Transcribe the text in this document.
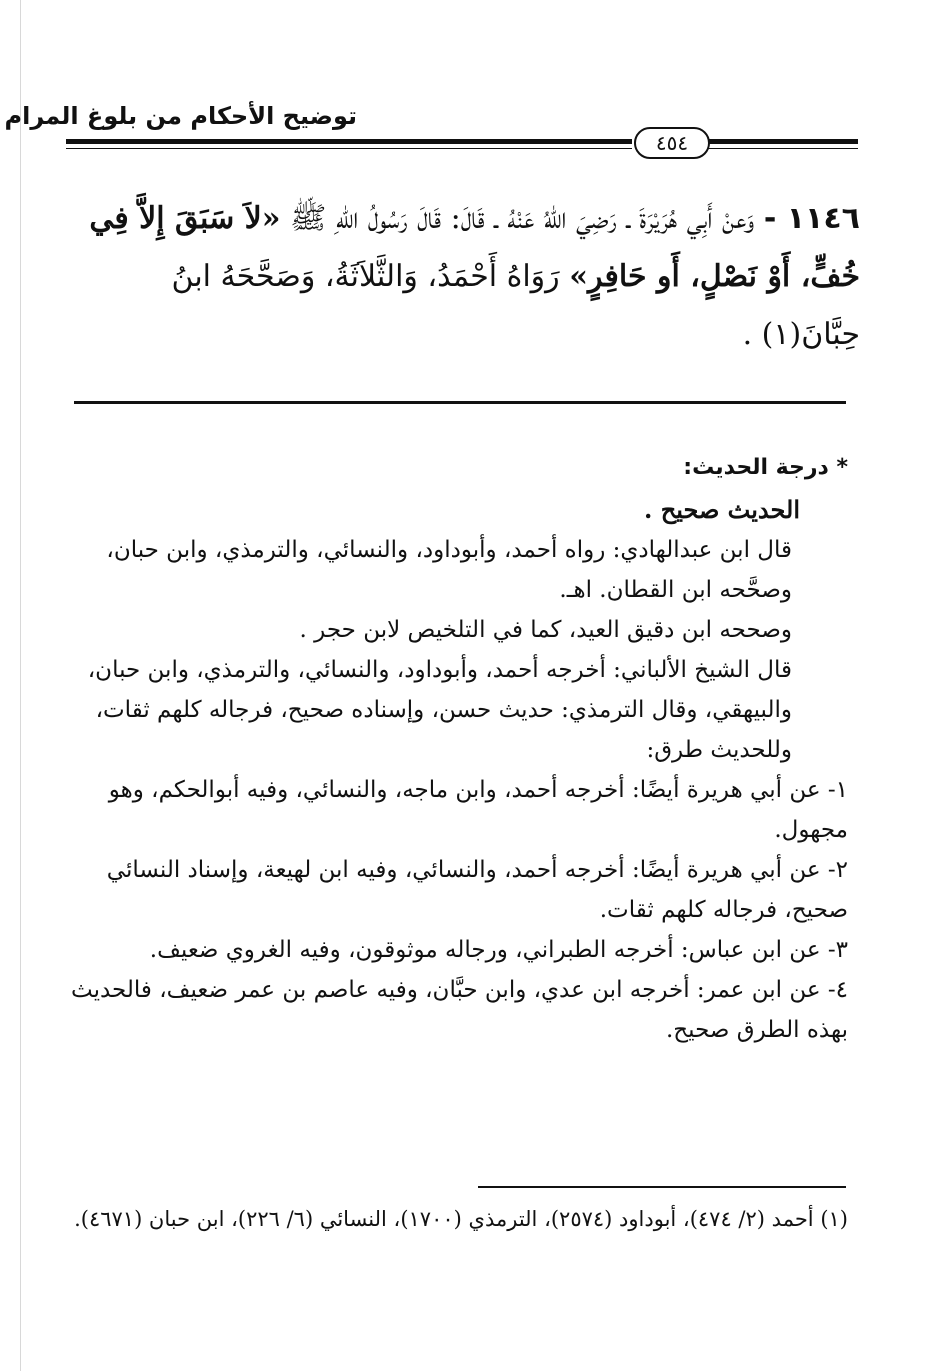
توضيح الأحكام من بلوغ المرام
٤٥٤
١١٤٦ - وَعنْ أَبِي هُرَيْرَةَ ـ رَضِيَ اللهُ عَنْهُ ـ قَالَ: قَالَ رَسُولُ اللهِ ﷺ «لاَ سَبَقَ إِلاَّ فِي خُفٍّ، أَوْ نَصْلٍ، أَو حَافِرٍ» رَوَاهُ أَحْمَدُ، وَالثَّلاَثَةُ، وَصَحَّحَهُ ابنُ حِبَّانَ(١) .

* درجة الحديث:

الحديث صحيح .

قال ابن عبدالهادي: رواه أحمد، وأبوداود، والنسائي، والترمذي، وابن حبان، وصحَّحه ابن القطان. اهـ.

وصححه ابن دقيق العيد، كما في التلخيص لابن حجر .

قال الشيخ الألباني: أخرجه أحمد، وأبوداود، والنسائي، والترمذي، وابن حبان، والبيهقي، وقال الترمذي: حديث حسن، وإسناده صحيح، فرجاله كلهم ثقات، وللحديث طرق:

١- عن أبي هريرة أيضًا: أخرجه أحمد، وابن ماجه، والنسائي، وفيه أبوالحكم، وهو مجهول.

٢- عن أبي هريرة أيضًا: أخرجه أحمد، والنسائي، وفيه ابن لهيعة، وإسناد النسائي صحيح، فرجاله كلهم ثقات.

٣- عن ابن عباس: أخرجه الطبراني، ورجاله موثوقون، وفيه الغروي ضعيف.

٤- عن ابن عمر: أخرجه ابن عدي، وابن حبَّان، وفيه عاصم بن عمر ضعيف، فالحديث بهذه الطرق صحيح.

(١) أحمد (٢/ ٤٧٤)، أبوداود (٢٥٧٤)، الترمذي (١٧٠٠)، النسائي (٦/ ٢٢٦)، ابن حبان (٤٦٧١).
